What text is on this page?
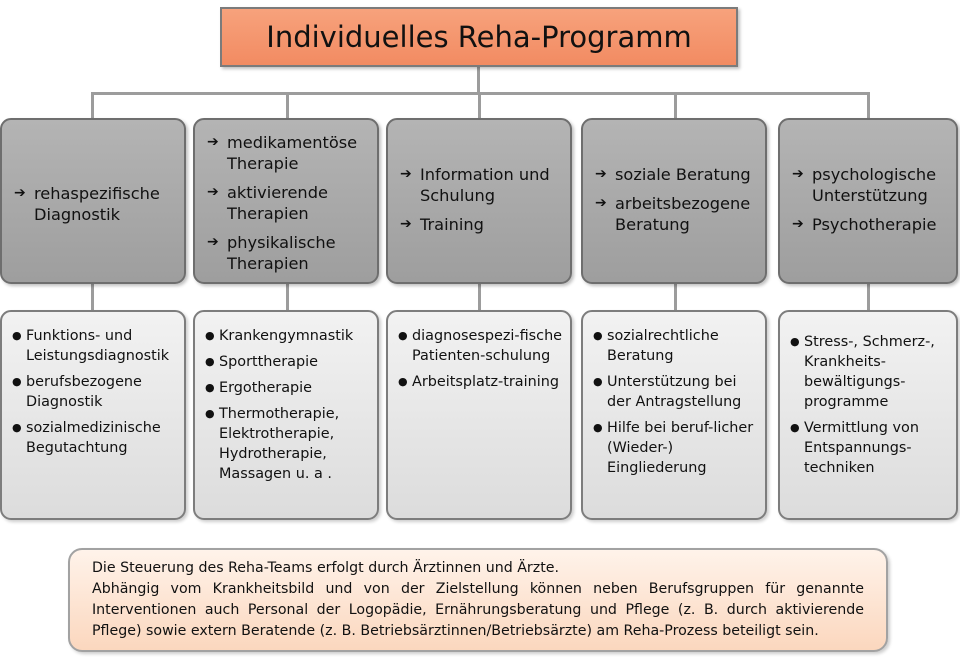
Individuelles Reha-Programm
➔ rehaspezifische Diagnostik
● Funktions- und Leistungsdiagnostik
● berufsbezogene Diagnostik
● sozialmedizinische Begutachtung
➔ medikamentöse Therapie
➔ aktivierende Therapien
➔ physikalische Therapien
● Krankengymnastik
● Sporttherapie
● Ergotherapie
● Thermotherapie, Elektrotherapie, Hydrotherapie, Massagen u. a .
➔ Information und Schulung
➔ Training
● diagnosespezi-fische Patienten-schulung
● Arbeitsplatz-training
➔ soziale Beratung
➔ arbeitsbezogene Beratung
● sozialrechtliche Beratung
● Unterstützung bei der Antragstellung
● Hilfe bei beruf-licher (Wieder-) Eingliederung
➔ psychologische Unterstützung
➔ Psychotherapie
● Stress-, Schmerz-, Krankheits-bewältigungs-programme
● Vermittlung von Entspannungs-techniken
Die Steuerung des Reha-Teams erfolgt durch Ärztinnen und Ärzte.
Abhängig vom Krankheitsbild und von der Zielstellung können neben Berufsgruppen für genannte Interventionen auch Personal der Logopädie, Ernährungsberatung und Pflege (z. B. durch aktivierende Pflege) sowie extern Beratende (z. B. Betriebsärztinnen/Betriebsärzte) am Reha-Prozess beteiligt sein.
